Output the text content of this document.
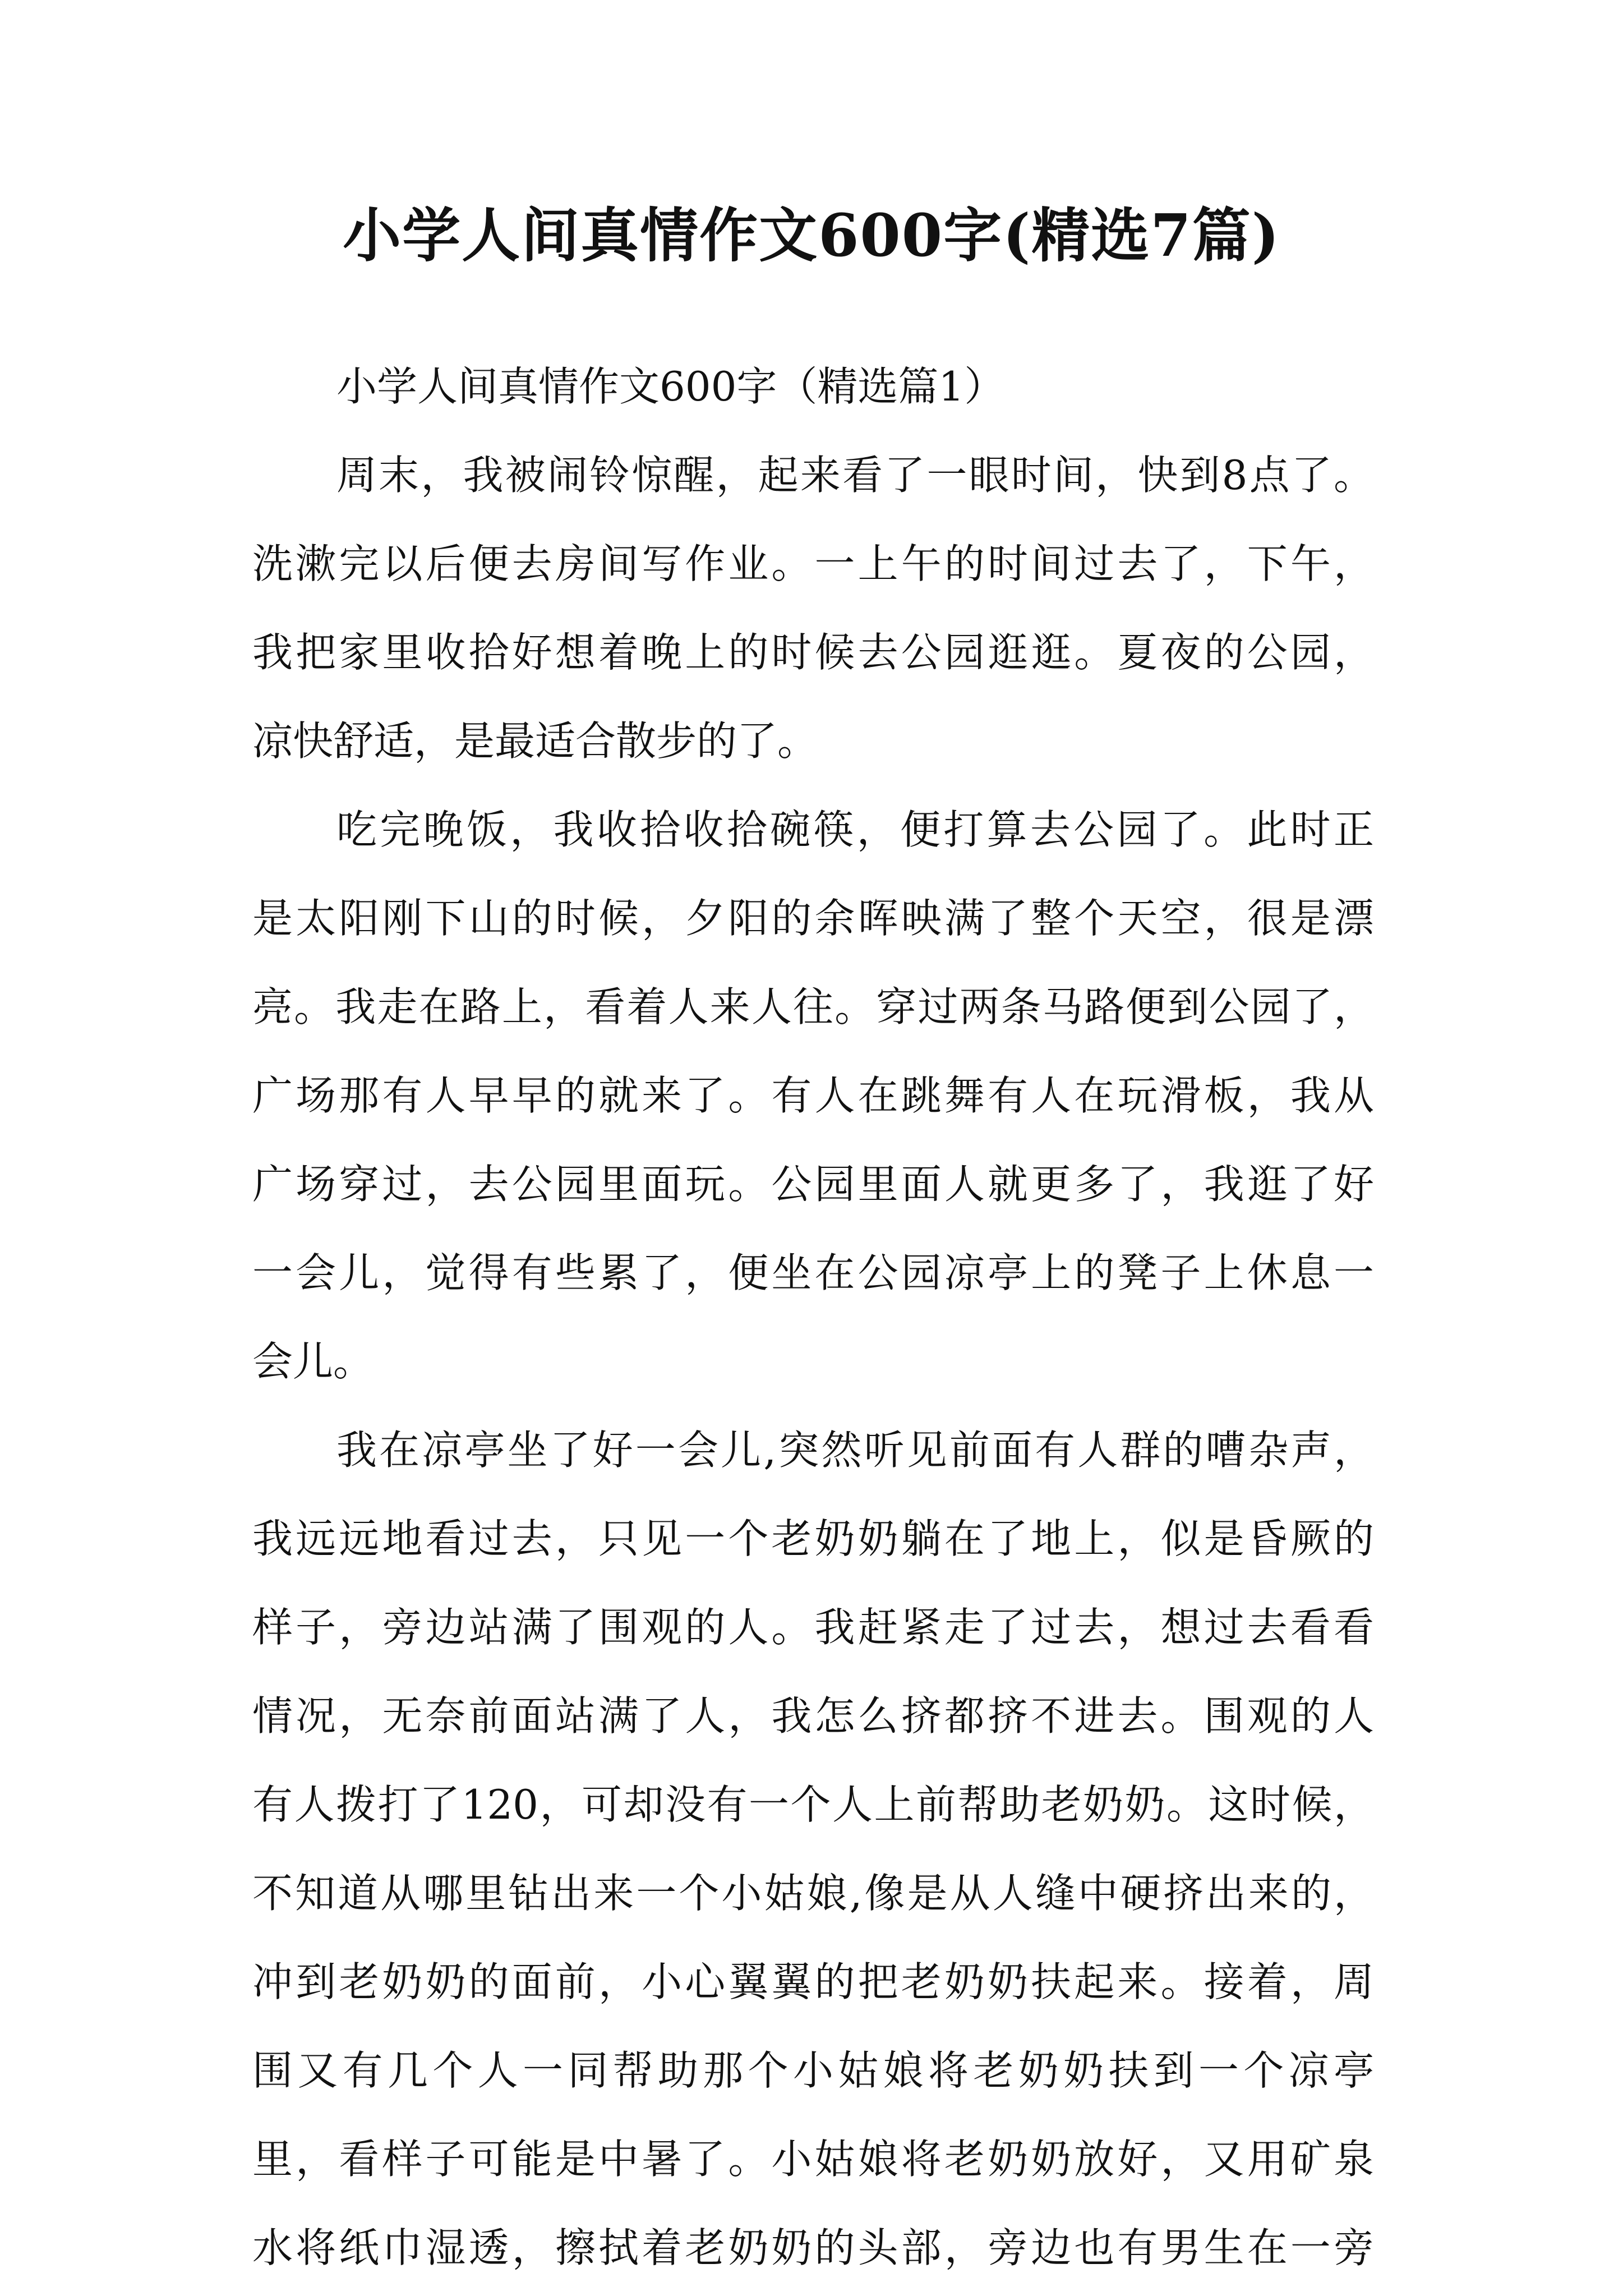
小学人间真情作文600字(精选7篇)
小学人间真情作文600字（精选篇1）
周末，我被闹铃惊醒，起来看了一眼时间，快到8点了。
洗漱完以后便去房间写作业。一上午的时间过去了，下午，
我把家里收拾好想着晚上的时候去公园逛逛。夏夜的公园，
凉快舒适，是最适合散步的了。
吃完晚饭，我收拾收拾碗筷，便打算去公园了。此时正
是太阳刚下山的时候，夕阳的余晖映满了整个天空，很是漂
亮。我走在路上，看着人来人往。穿过两条马路便到公园了，
广场那有人早早的就来了。有人在跳舞有人在玩滑板，我从
广场穿过，去公园里面玩。公园里面人就更多了，我逛了好
一会儿，觉得有些累了，便坐在公园凉亭上的凳子上休息一
会儿。
我在凉亭坐了好一会儿,突然听见前面有人群的嘈杂声，
我远远地看过去，只见一个老奶奶躺在了地上，似是昏厥的
样子，旁边站满了围观的人。我赶紧走了过去，想过去看看
情况，无奈前面站满了人，我怎么挤都挤不进去。围观的人
有人拨打了120，可却没有一个人上前帮助老奶奶。这时候，
不知道从哪里钻出来一个小姑娘,像是从人缝中硬挤出来的，
冲到老奶奶的面前，小心翼翼的把老奶奶扶起来。接着，周
围又有几个人一同帮助那个小姑娘将老奶奶扶到一个凉亭
里，看样子可能是中暑了。小姑娘将老奶奶放好，又用矿泉
水将纸巾湿透，擦拭着老奶奶的头部，旁边也有男生在一旁
